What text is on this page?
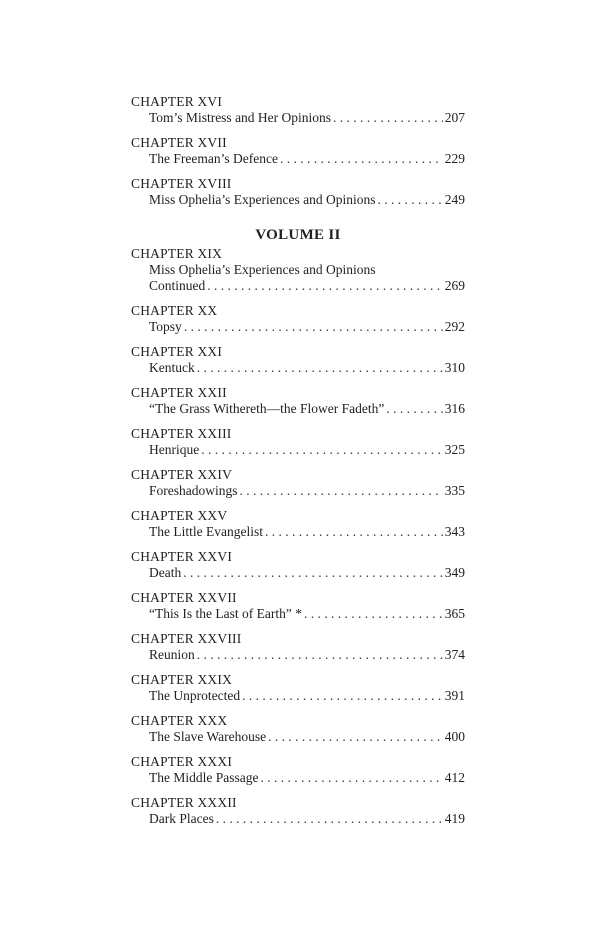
CHAPTER XVI
Tom’s Mistress and Her Opinions . . .	207
CHAPTER XVII
The Freeman’s Defence . . .	229
CHAPTER XVIII
Miss Ophelia’s Experiences and Opinions . . .	249
VOLUME II
CHAPTER XIX
Miss Ophelia’s Experiences and Opinions
Continued . . .	269
CHAPTER XX
Topsy . . .	292
CHAPTER XXI
Kentuck . . .	310
CHAPTER XXII
“The Grass Withereth—the Flower Fadeth” . . .	316
CHAPTER XXIII
Henrique . . .	325
CHAPTER XXIV
Foreshadowings . . .	335
CHAPTER XXV
The Little Evangelist . . .	343
CHAPTER XXVI
Death . . .	349
CHAPTER XXVII
“This Is the Last of Earth” * . . .	365
CHAPTER XXVIII
Reunion . . .	374
CHAPTER XXIX
The Unprotected . . .	391
CHAPTER XXX
The Slave Warehouse . . .	400
CHAPTER XXXI
The Middle Passage . . .	412
CHAPTER XXXII
Dark Places . . .	419
